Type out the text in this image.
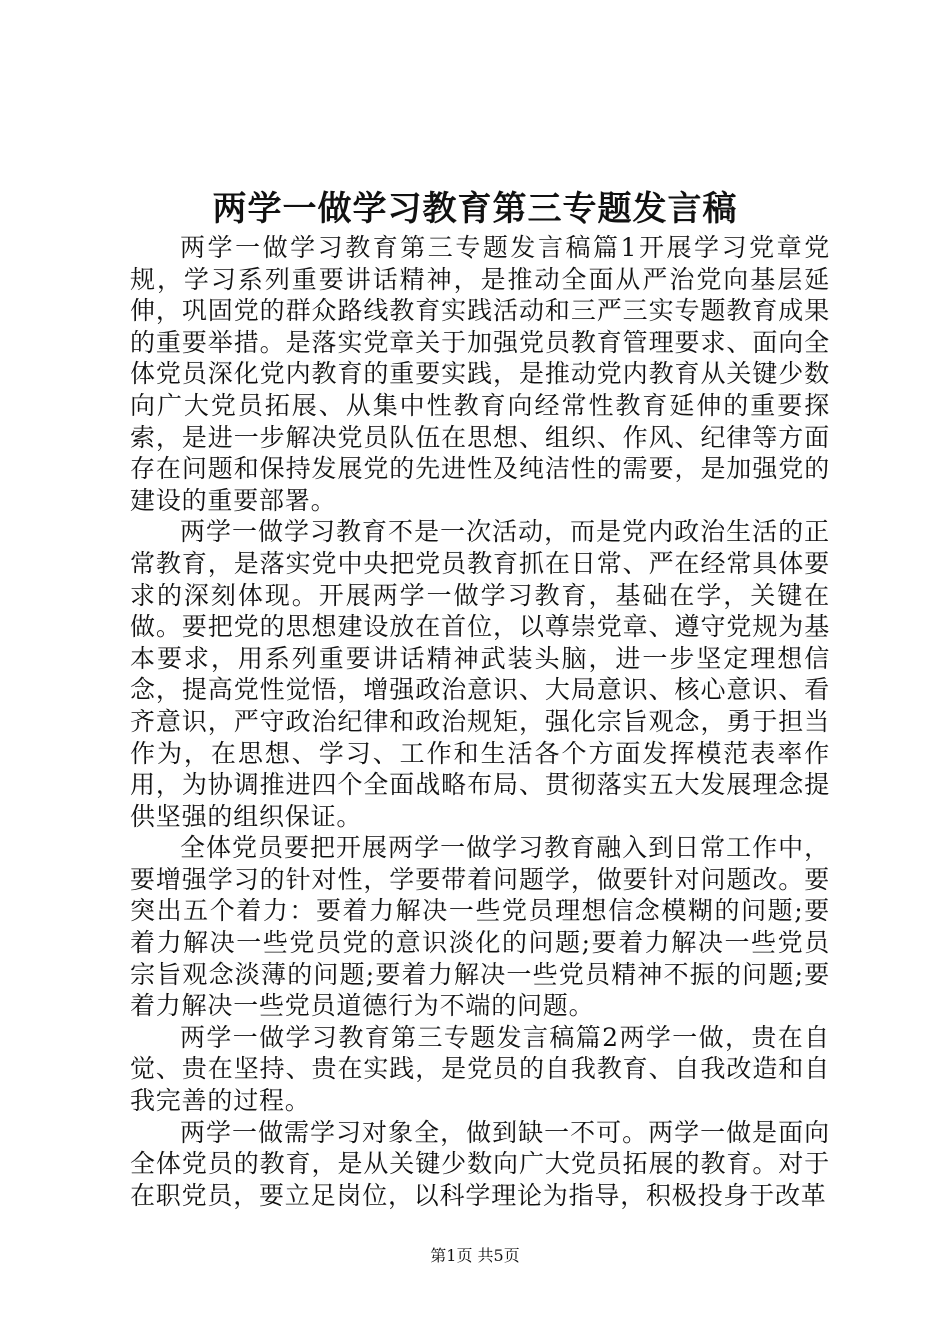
两学一做学习教育第三专题发言稿

两学一做学习教育第三专题发言稿篇1开展学习党章党规，学习系列重要讲话精神，是推动全面从严治党向基层延伸，巩固党的群众路线教育实践活动和三严三实专题教育成果的重要举措。是落实党章关于加强党员教育管理要求、面向全体党员深化党内教育的重要实践，是推动党内教育从关键少数向广大党员拓展、从集中性教育向经常性教育延伸的重要探索，是进一步解决党员队伍在思想、组织、作风、纪律等方面存在问题和保持发展党的先进性及纯洁性的需要，是加强党的建设的重要部署。

两学一做学习教育不是一次活动，而是党内政治生活的正常教育，是落实党中央把党员教育抓在日常、严在经常具体要求的深刻体现。开展两学一做学习教育，基础在学，关键在做。要把党的思想建设放在首位，以尊崇党章、遵守党规为基本要求，用系列重要讲话精神武装头脑，进一步坚定理想信念，提高党性觉悟，增强政治意识、大局意识、核心意识、看齐意识，严守政治纪律和政治规矩，强化宗旨观念，勇于担当作为，在思想、学习、工作和生活各个方面发挥模范表率作用，为协调推进四个全面战略布局、贯彻落实五大发展理念提供坚强的组织保证。

全体党员要把开展两学一做学习教育融入到日常工作中，要增强学习的针对性，学要带着问题学，做要针对问题改。要突出五个着力：要着力解决一些党员理想信念模糊的问题;要着力解决一些党员党的意识淡化的问题;要着力解决一些党员宗旨观念淡薄的问题;要着力解决一些党员精神不振的问题;要着力解决一些党员道德行为不端的问题。

两学一做学习教育第三专题发言稿篇2两学一做，贵在自觉、贵在坚持、贵在实践，是党员的自我教育、自我改造和自我完善的过程。

两学一做需学习对象全，做到缺一不可。两学一做是面向全体党员的教育，是从关键少数向广大党员拓展的教育。对于在职党员，要立足岗位，以科学理论为指导，积极投身于改革

第1页 共5页
